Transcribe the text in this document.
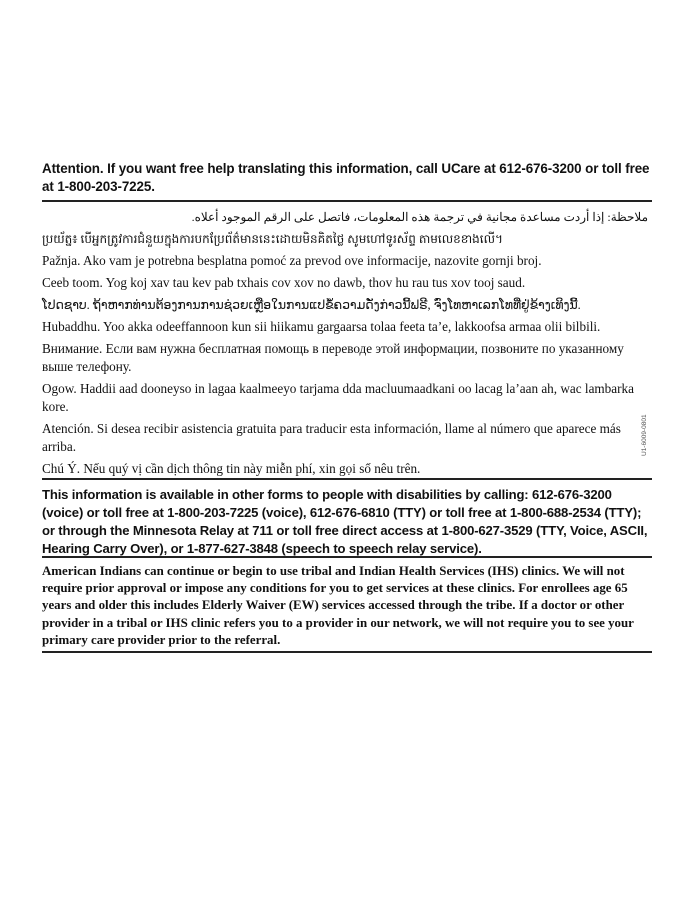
Attention. If you want free help translating this information, call UCare at 612-676-3200 or toll free at 1-800-203-7225.

ملاحظة: إذا أردت مساعدة مجانية في ترجمة هذه المعلومات، فاتصل على الرقم الموجود أعلاه.

ប្រយ័ត្ន៖ បើអ្នកត្រូវការជំនួយក្នុងការបកប្រែព័ត៌មាននេះដោយមិនគិតថ្លៃ សូមហៅទូរស័ព្ទ តាមលេខខាងលើ។

Pažnja. Ako vam je potrebna besplatna pomoć za prevod ove informacije, nazovite gornji broj.

Ceeb toom. Yog koj xav tau kev pab txhais cov xov no dawb, thov hu rau tus xov tooj saud.

ໂປດຊາບ. ຖ້າຫາກທ່ານຕ້ອງການການຊ່ວຍເຫຼືອໃນການແປຂໍ້ຄວາມດັ່ງກ່າວນີ້ຟຣີ, ຈົ່ງໂທຫາເລກໂທທີ່ຢູ່ຂ້າງເທິງນີ້.

Hubaddhu. Yoo akka odeeffannoon kun sii hiikamu gargaarsa tolaa feeta ta’e, lakkoofsa armaa olii bilbili.

Внимание. Если вам нужна бесплатная помощь в переводе этой информации, позвоните по указанному выше телефону.

Ogow. Haddii aad dooneyso in lagaa kaalmeeyo tarjama dda macluumaadkani oo lacag la’aan ah, wac lambarka kore.

Atención. Si desea recibir asistencia gratuita para traducir esta información, llame al número que aparece más arriba.

Chú Ý. Nếu quý vị cần dịch thông tin này miễn phí, xin gọi số nêu trên.

U1-6009-0801
This information is available in other forms to people with disabilities by calling: 612-676-3200 (voice) or toll free at 1-800-203-7225 (voice), 612-676-6810 (TTY) or toll free at 1-800-688-2534 (TTY); or through the Minnesota Relay at 711 or toll free direct access at 1-800-627-3529 (TTY, Voice, ASCII, Hearing Carry Over), or 1-877-627-3848 (speech to speech relay service).
American Indians can continue or begin to use tribal and Indian Health Services (IHS) clinics. We will not require prior approval or impose any conditions for you to get services at these clinics. For enrollees age 65 years and older this includes Elderly Waiver (EW) services accessed through the tribe. If a doctor or other provider in a tribal or IHS clinic refers you to a provider in our network, we will not require you to see your primary care provider prior to the referral.
